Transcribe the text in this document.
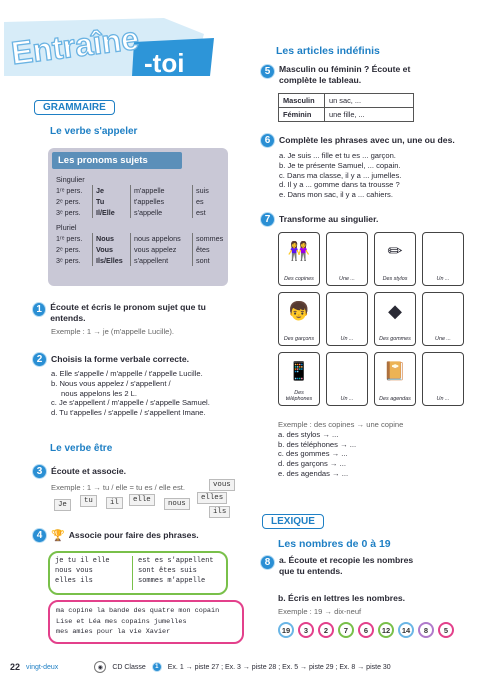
Entraîne -toi
GRAMMAIRE
Le verbe s'appeler
Les pronoms sujets
Singulier
1ʳᵉ pers.	Je	m'appelle	suis
2ᵉ pers.	Tu	t'appelles	es
3ᵉ pers.	Il/Elle	s'appelle	est
Pluriel
1ʳᵉ pers.	Nous	nous appelons	sommes
2ᵉ pers.	Vous	vous appelez	êtes
3ᵉ pers.	Ils/Elles	s'appellent	sont
1 Écoute et écris le pronom sujet que tu entends.
Exemple : 1 → je (m'appelle Lucille).
2	Choisis la forme verbale correcte.
a. Elle s'appelle / m'appelle / t'appelle Lucille.
b. Nous vous appelez / s'appellent /
nous appelons les 2 L.
c. Je s'appellent / m'appelle / s'appelle Samuel.
d. Tu t'appelles / s'appelle / s'appellent Imane.
Le verbe être
3	Écoute et associe.
Exemple : 1 → tu / elle = tu es / elle est.	vous
Je	tu	il	elle	nous
elles
ils
4 🏆 Associe pour faire des phrases.
je tu il elle
nous vous
elles ils
est es s'appellent
sont êtes suis
sommes m'appelle
ma copine la bande des quatre mon copain
Lise et Léa mes copains jumelles
mes amies pour la vie Xavier
Les articles indéfinis
5	Masculin ou féminin ? Écoute et complète le tableau.
Masculin	un sac, ...
Féminin	une fille, ...
6	Complète les phrases avec un, une ou des.
a. Je suis ... fille et tu es ... garçon.
b. Je te présente Samuel, ... copain.
c. Dans ma classe, il y a ... jumelles.
d. Il y a ... gomme dans ta trousse ?
e. Dans mon sac, il y a ... cahiers.
7	Transforme au singulier.
👭
Des copines	Une ...
✏
Des stylos	Un ...
👦
Des garçons	Un ...
◆
Des gommes	Une ...
📱
Des téléphones	Un ...
📔
Des agendas	Un ...
Exemple : des copines → une copine
a. des stylos → ...
b. des téléphones → ...
c. des gommes → ...
d. des garçons → ...
e. des agendas → ...
LEXIQUE
Les nombres de 0 à 19
8	a. Écoute et recopie les nombres que tu entends.
b. Écris en lettres les nombres.
Exemple : 19 → dix-neuf
19	3	2	7	6	12	14	8	5
22 vingt-deux	◉	CD Classe	1	Ex. 1 → piste 27 ; Ex. 3 → piste 28 ; Ex. 5 → piste 29 ; Ex. 8 → piste 30
